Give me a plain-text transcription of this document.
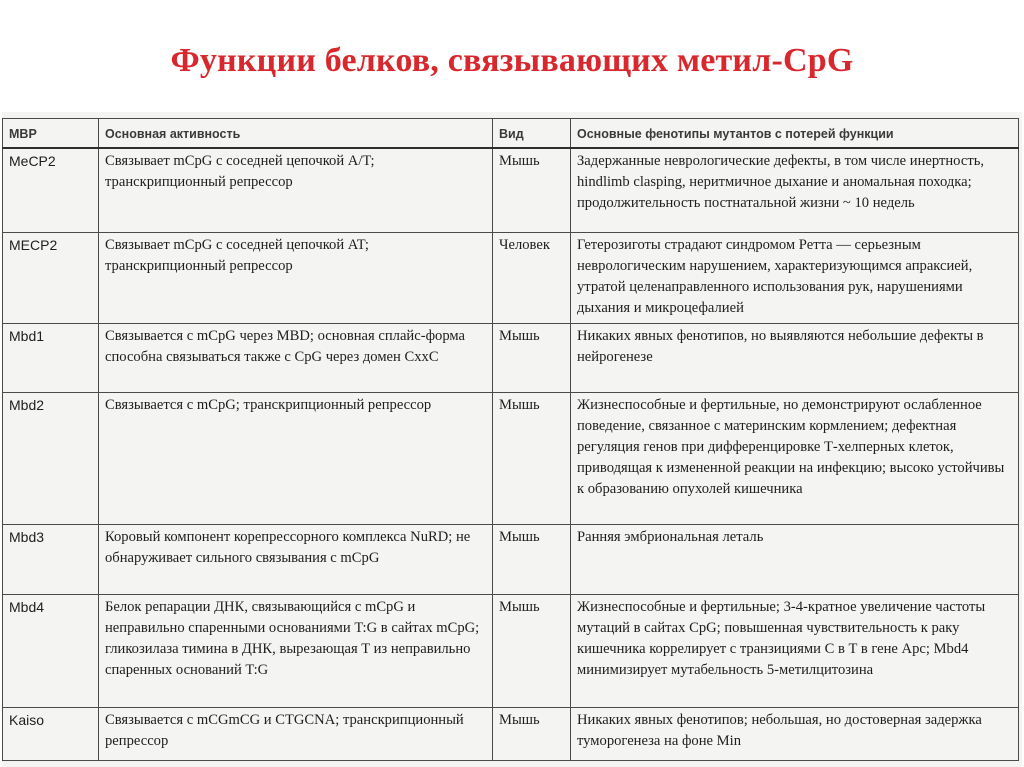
Функции белков, связывающих метил-CpG
МВР	Основная активность	Вид	Основные фенотипы мутантов с потерей функции
MeCP2	Связывает mCpG с соседней цепочкой A/T; транскрипционный репрессор	Мышь	Задержанные неврологические дефекты, в том числе инертность, hindlimb clasping, неритмичное дыхание и аномальная походка; продолжительность постнатальной жизни ~ 10 недель
MECP2	Связывает mCpG с соседней цепочкой AT; транскрипционный репрессор	Человек	Гетерозиготы страдают синдромом Ретта — серьезным неврологическим нарушением, характеризующимся апраксией, утратой целенаправленного использования рук, нарушениями дыхания и микроцефалией
Mbd1	Связывается с mCpG через MBD; основная сплайс-форма способна связываться также с CpG через домен CxxC	Мышь	Никаких явных фенотипов, но выявляются небольшие дефекты в нейрогенезе
Mbd2	Связывается с mCpG; транскрипционный репрессор	Мышь	Жизнеспособные и фертильные, но демонстрируют ослабленное поведение, связанное с материнским кормлением; дефектная регуляция генов при дифференцировке Т-хелперных клеток, приводящая к измененной реакции на инфекцию; высоко устойчивы к образованию опухолей кишечника
Mbd3	Коровый компонент корепрессорного комплекса NuRD; не обнаруживает сильного связывания с mCpG	Мышь	Ранняя эмбриональная леталь
Mbd4	Белок репарации ДНК, связывающийся с mCpG и неправильно спаренными основаниями T:G в сайтах mCpG; гликозилаза тимина в ДНК, вырезающая T из неправильно спаренных оснований T:G	Мышь	Жизнеспособные и фертильные; 3-4-кратное увеличение частоты мутаций в сайтах CpG; повышенная чувствительность к раку кишечника коррелирует с транзициями C в T в гене Apc; Mbd4 минимизирует мутабельность 5-метилцитозина
Kaiso	Связывается с mCGmCG и CTGCNA; транскрипционный репрессор	Мышь	Никаких явных фенотипов; небольшая, но достоверная задержка туморогенеза на фоне Min
